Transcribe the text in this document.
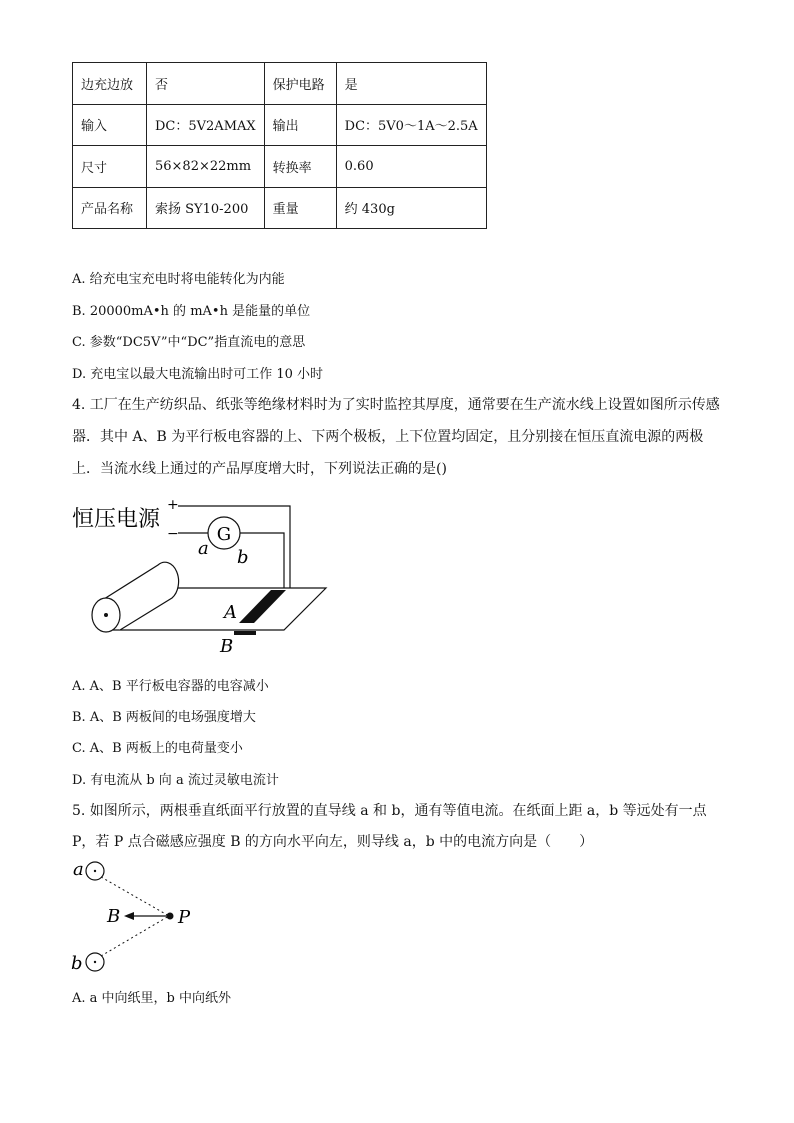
边充边放	否	保护电路	是
输入	DC：5V2AMAX	输出	DC：5V0～1A～2.5A
尺寸	56×82×22mm	转换率	0.60
产品名称	索扬 SY10-200	重量	约 430g
A. 给充电宝充电时将电能转化为内能
B. 20000mA•h 的 mA•h 是能量的单位
C. 参数“DC5V”中“DC”指直流电的意思
D. 充电宝以最大电流输出时可工作 10 小时
4. 工厂在生产纺织品、纸张等绝缘材料时为了实时监控其厚度，通常要在生产流水线上设置如图所示传感
器．其中 A、B 为平行板电容器的上、下两个极板，上下位置均固定，且分别接在恒压直流电源的两极
上．当流水线上通过的产品厚度增大时，下列说法正确的是()
恒压电源
+
− G
a b
A
B
A. A、B 平行板电容器的电容减小
B. A、B 两板间的电场强度增大
C. A、B 两板上的电荷量变小
D. 有电流从 b 向 a 流过灵敏电流计
5. 如图所示，两根垂直纸面平行放置的直导线 a 和 b，通有等值电流。在纸面上距 a，b 等远处有一点
P，若 P 点合磁感应强度 B 的方向水平向左，则导线 a，b 中的电流方向是（　　）
a
b
B	P
A. a 中向纸里，b 中向纸外
